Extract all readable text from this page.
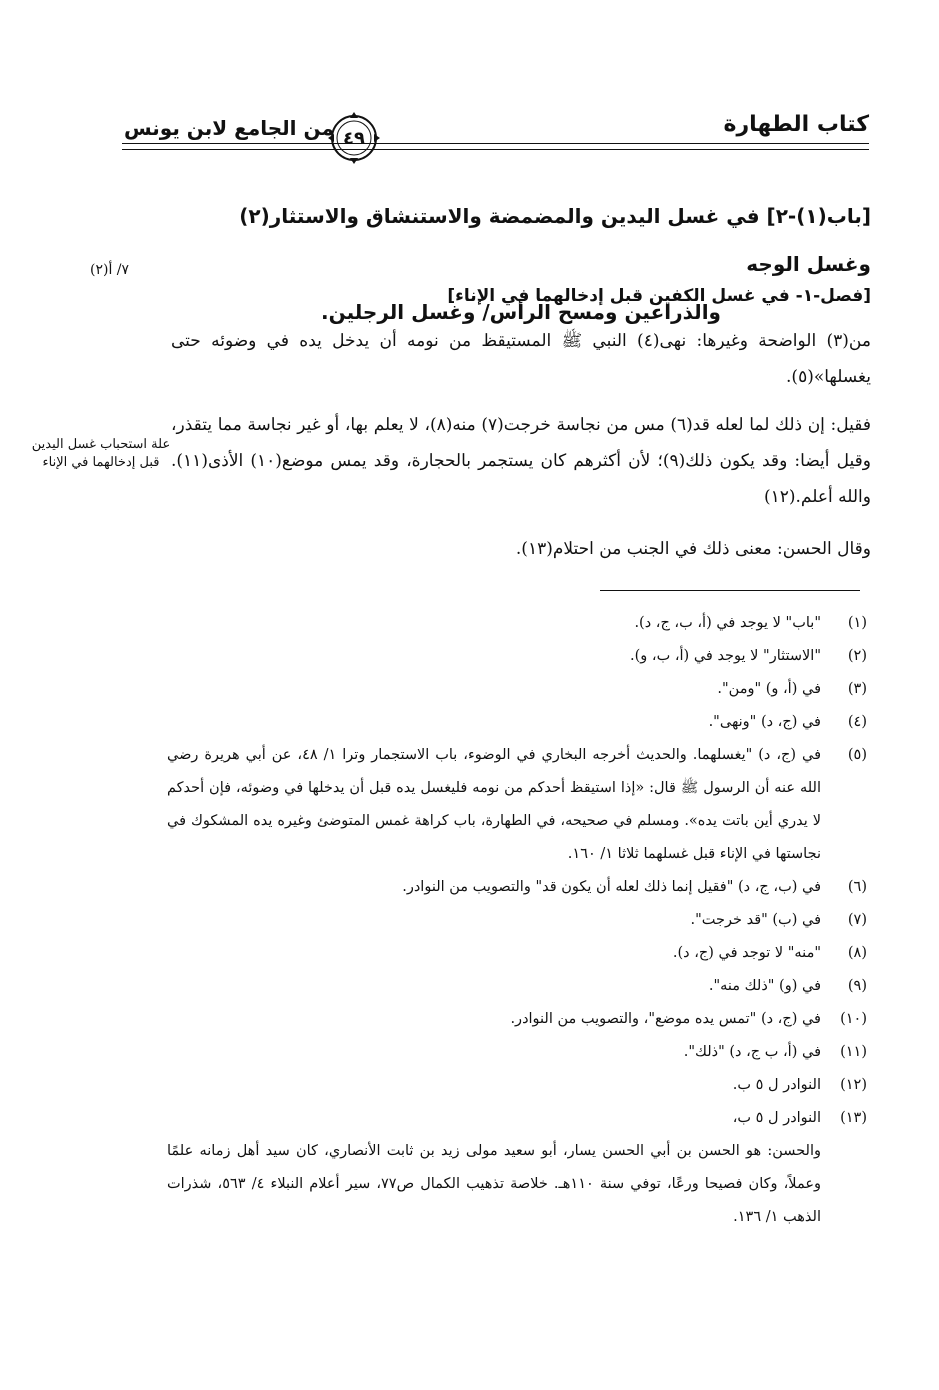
كتاب الطهارة
٤٩
من الجامع لابن يونس
[باب(١)-٢] في غسل اليدين والمضمضة والاستنشاق والاستثار(٢) وغسل الوجه
والذراعين ومسح الرأس/ وغسل الرجلين.
٧/ أ(٢)
[فصل-١- في غسل الكفين قبل إدخالهما في الإناء]
من(٣) الواضحة وغيرها: نهى(٤) النبي ﷺ المستيقظ من نومه أن يدخل يده في وضوئه حتى يغسلها»(٥).
فقيل: إن ذلك لما لعله قد(٦) مس من نجاسة خرجت(٧) منه(٨)، لا يعلم بها، أو غير نجاسة مما يتقذر، وقيل أيضا: وقد يكون ذلك(٩)؛ لأن أكثرهم كان يستجمر بالحجارة، وقد يمس موضع(١٠) الأذى(١١). والله أعلم.(١٢)
وقال الحسن: معنى ذلك في الجنب من احتلام(١٣).
علة استحباب غسل اليدين قبل إدخالهما في الإناء
(١)
"باب" لا يوجد في (أ، ب، ج، د).
(٢)
"الاستثار" لا يوجد في (أ، ب، و).
(٣)
في (أ، و) "ومن".
(٤)
في (ج، د) "ونهى".
(٥)
في (ج، د) "يغسلهما. والحديث أخرجه البخاري في الوضوء، باب الاستجمار وترا ١/ ٤٨، عن أبي هريرة رضي الله عنه أن الرسول ﷺ قال: «إذا استيقظ أحدكم من نومه فليغسل يده قبل أن يدخلها في وضوئه، فإن أحدكم لا يدري أين باتت يده». ومسلم في صحيحه، في الطهارة، باب كراهة غمس المتوضئ وغيره يده المشكوك في نجاستها في الإناء قبل غسلهما ثلاثا ١/ ١٦٠.
(٦)
في (ب، ج، د) "فقيل إنما ذلك لعله أن يكون قد" والتصويب من النوادر.
(٧)
في (ب) "قد خرجت".
(٨)
"منه" لا توجد في (ج، د).
(٩)
في (و) "ذلك منه".
(١٠)
في (ج، د) "تمس يده موضع"، والتصويب من النوادر.
(١١)
في (أ، ب ج، د) "ذلك".
(١٢)
النوادر ل ٥ ب.
(١٣)
النوادر ل ٥ ب،
والحسن: هو الحسن بن أبي الحسن يسار، أبو سعيد مولى زيد بن ثابت الأنصاري، كان سيد أهل زمانه علمًا وعملاً، وكان فصيحا ورعًا، توفي سنة ١١٠هـ. خلاصة تذهيب الكمال ص٧٧، سير أعلام النبلاء ٤/ ٥٦٣، شذرات الذهب ١/ ١٣٦.
